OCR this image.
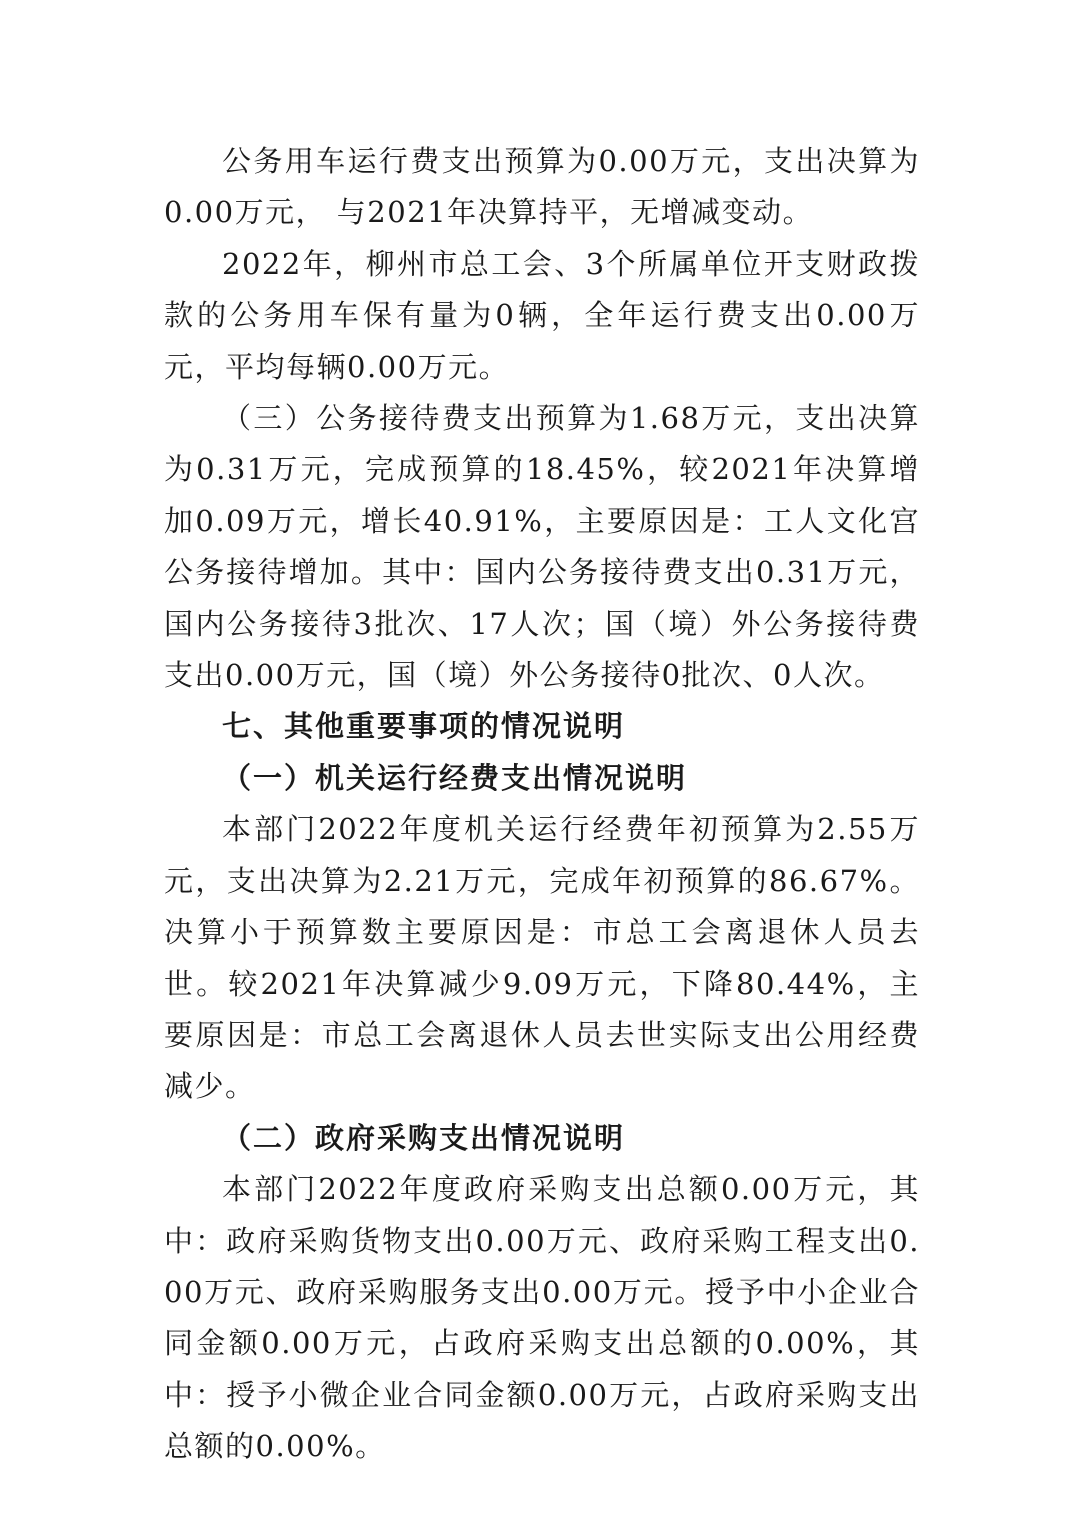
公务用车运行费支出预算为0.00万元，支出决算为0.00万元， 与2021年决算持平，无增减变动。

2022年，柳州市总工会、3个所属单位开支财政拨款的公务用车保有量为0辆，全年运行费支出0.00万元，平均每辆0.00万元。

（三）公务接待费支出预算为1.68万元，支出决算为0.31万元，完成预算的18.45%，较2021年决算增加0.09万元，增长40.91%，主要原因是：工人文化宫公务接待增加。其中：国内公务接待费支出0.31万元，国内公务接待3批次、17人次；国（境）外公务接待费支出0.00万元，国（境）外公务接待0批次、0人次。

七、其他重要事项的情况说明

（一）机关运行经费支出情况说明

本部门2022年度机关运行经费年初预算为2.55万元，支出决算为2.21万元，完成年初预算的86.67%。决算小于预算数主要原因是：市总工会离退休人员去世。较2021年决算减少9.09万元，下降80.44%，主要原因是：市总工会离退休人员去世实际支出公用经费减少。

（二）政府采购支出情况说明

本部门2022年度政府采购支出总额0.00万元，其中：政府采购货物支出0.00万元、政府采购工程支出0.00万元、政府采购服务支出0.00万元。授予中小企业合同金额0.00万元，占政府采购支出总额的0.00%，其中：授予小微企业合同金额0.00万元，占政府采购支出总额的0.00%。
